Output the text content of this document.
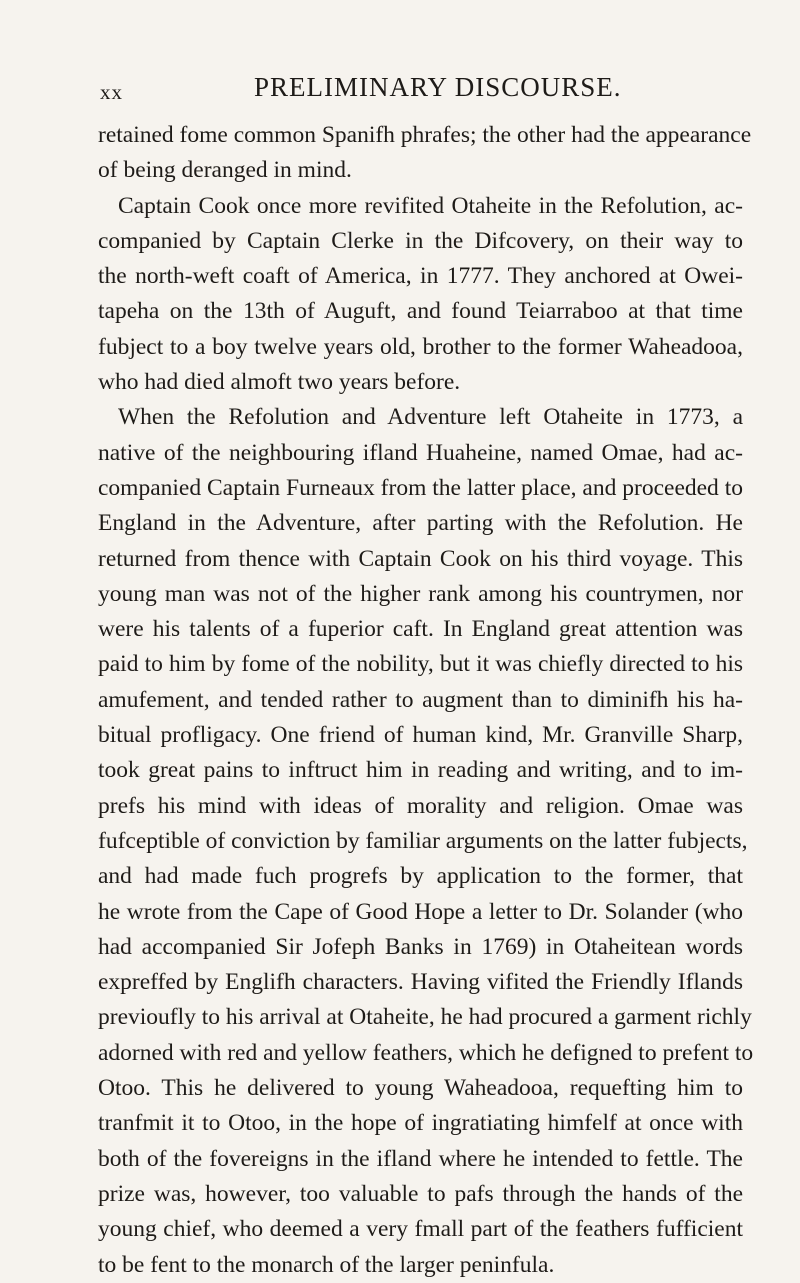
xx	PRELIMINARY DISCOURSE.
retained fome common Spanifh phrafes; the other had the appearance
of being deranged in mind.
Captain Cook once more revifited Otaheite in the Refolution, ac-
companied by Captain Clerke in the Difcovery, on their way to
the north-weft coaft of America, in 1777. They anchored at Owei-
tapeha on the 13th of Auguft, and found Teiarraboo at that time
fubject to a boy twelve years old, brother to the former Waheadooa,
who had died almoft two years before.
When the Refolution and Adventure left Otaheite in 1773, a
native of the neighbouring ifland Huaheine, named Omae, had ac-
companied Captain Furneaux from the latter place, and proceeded to
England in the Adventure, after parting with the Refolution. He
returned from thence with Captain Cook on his third voyage. This
young man was not of the higher rank among his countrymen, nor
were his talents of a fuperior caft. In England great attention was
paid to him by fome of the nobility, but it was chiefly directed to his
amufement, and tended rather to augment than to diminifh his ha-
bitual profligacy. One friend of human kind, Mr. Granville Sharp,
took great pains to inftruct him in reading and writing, and to im-
prefs his mind with ideas of morality and religion. Omae was
fufceptible of conviction by familiar arguments on the latter fubjects,
and had made fuch progrefs by application to the former, that
he wrote from the Cape of Good Hope a letter to Dr. Solander (who
had accompanied Sir Jofeph Banks in 1769) in Otaheitean words
expreffed by Englifh characters. Having vifited the Friendly Iflands
previoufly to his arrival at Otaheite, he had procured a garment richly
adorned with red and yellow feathers, which he defigned to prefent to
Otoo. This he delivered to young Waheadooa, requefting him to
tranfmit it to Otoo, in the hope of ingratiating himfelf at once with
both of the fovereigns in the ifland where he intended to fettle. The
prize was, however, too valuable to pafs through the hands of the
young chief, who deemed a very fmall part of the feathers fufficient
to be fent to the monarch of the larger peninfula.
